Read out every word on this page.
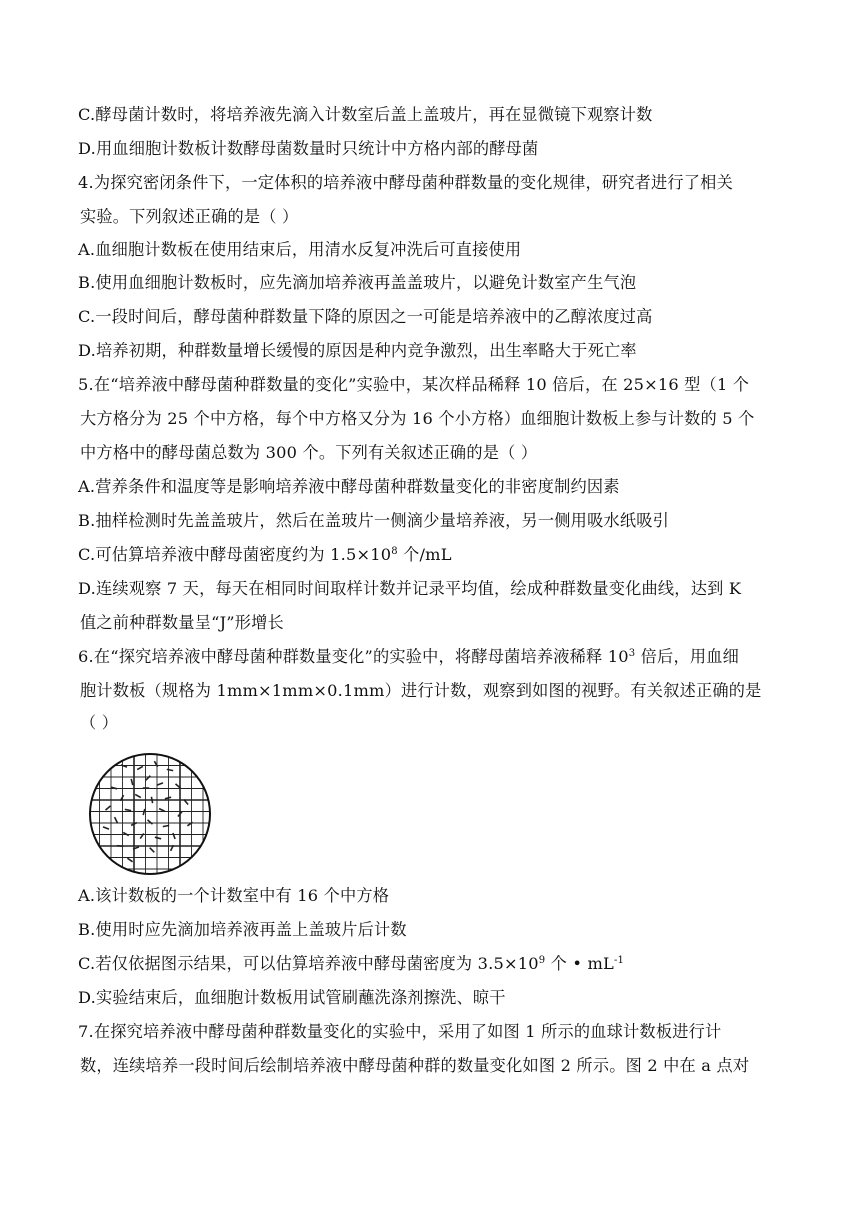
C.酵母菌计数时，将培养液先滴入计数室后盖上盖玻片，再在显微镜下观察计数
D.用血细胞计数板计数酵母菌数量时只统计中方格内部的酵母菌
4.为探究密闭条件下，一定体积的培养液中酵母菌种群数量的变化规律，研究者进行了相关
实验。下列叙述正确的是（ ）
A.血细胞计数板在使用结束后，用清水反复冲洗后可直接使用
B.使用血细胞计数板时，应先滴加培养液再盖盖玻片，以避免计数室产生气泡
C.一段时间后，酵母菌种群数量下降的原因之一可能是培养液中的乙醇浓度过高
D.培养初期，种群数量增长缓慢的原因是种内竞争激烈，出生率略大于死亡率
5.在“培养液中酵母菌种群数量的变化”实验中，某次样品稀释 10 倍后，在 25×16 型（1 个
大方格分为 25 个中方格，每个中方格又分为 16 个小方格）血细胞计数板上参与计数的 5 个
中方格中的酵母菌总数为 300 个。下列有关叙述正确的是（ ）
A.营养条件和温度等是影响培养液中酵母菌种群数量变化的非密度制约因素
B.抽样检测时先盖盖玻片，然后在盖玻片一侧滴少量培养液，另一侧用吸水纸吸引
C.可估算培养液中酵母菌密度约为 $1.5\times 10^8$ 个/mL
D.连续观察 7 天，每天在相同时间取样计数并记录平均值，绘成种群数量变化曲线，达到 K
值之前种群数量呈“J”形增长
6.在“探究培养液中酵母菌种群数量变化”的实验中，将酵母菌培养液稀释 $10^3$ 倍后，用血细
胞计数板（规格为 1mm×1mm×0.1mm）进行计数，观察到如图的视野。有关叙述正确的是
（ ）
A.该计数板的一个计数室中有 16 个中方格
B.使用时应先滴加培养液再盖上盖玻片后计数
C.若仅依据图示结果，可以估算培养液中酵母菌密度为 $3.5\times 10^9$ 个 • $mL^{-1}$
D.实验结束后，血细胞计数板用试管刷蘸洗涤剂擦洗、晾干
7.在探究培养液中酵母菌种群数量变化的实验中，采用了如图 1 所示的血球计数板进行计
数，连续培养一段时间后绘制培养液中酵母菌种群的数量变化如图 2 所示。图 2 中在 a 点对
